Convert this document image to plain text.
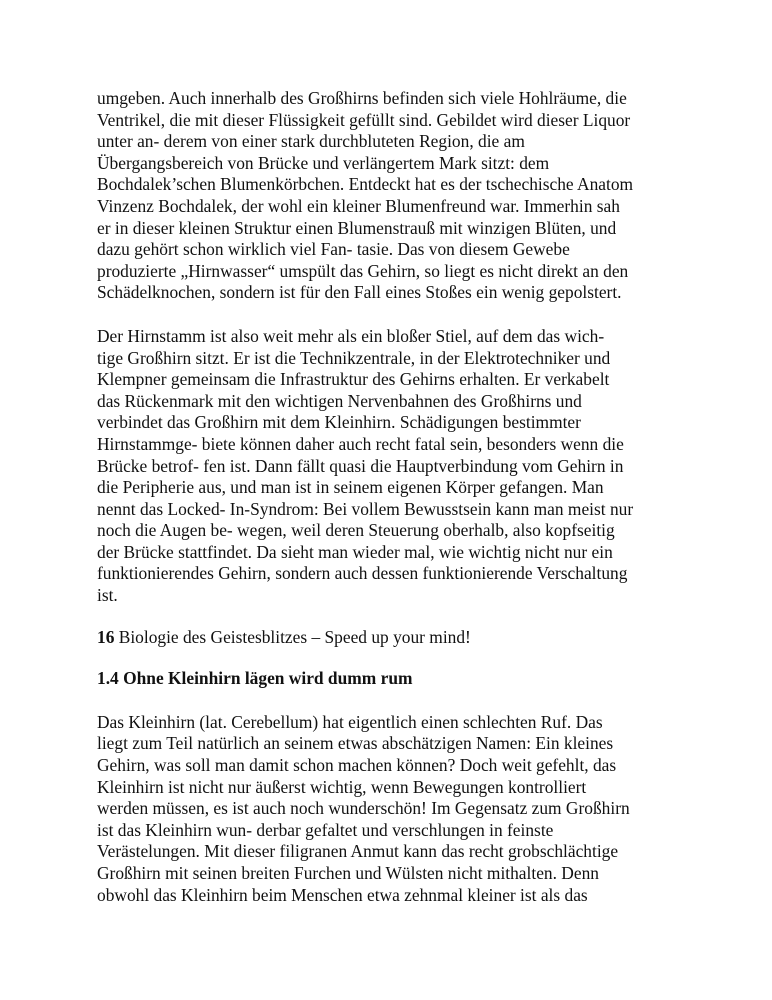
umgeben. Auch innerhalb des Großhirns befinden sich viele Hohlräume, die
Ventrikel, die mit dieser Flüssigkeit gefüllt sind. Gebildet wird dieser Liquor
unter an- derem von einer stark durchbluteten Region, die am
Übergangsbereich von Brücke und verlängertem Mark sitzt: dem
Bochdalek’schen Blumenkörbchen. Entdeckt hat es der tschechische Anatom
Vinzenz Bochdalek, der wohl ein kleiner Blumenfreund war. Immerhin sah
er in dieser kleinen Struktur einen Blumenstrauß mit winzigen Blüten, und
dazu gehört schon wirklich viel Fan- tasie. Das von diesem Gewebe
produzierte „Hirnwasser“ umspült das Gehirn, so liegt es nicht direkt an den
Schädelknochen, sondern ist für den Fall eines Stoßes ein wenig gepolstert.
Der Hirnstamm ist also weit mehr als ein bloßer Stiel, auf dem das wich-
tige Großhirn sitzt. Er ist die Technikzentrale, in der Elektrotechniker und
Klempner gemeinsam die Infrastruktur des Gehirns erhalten. Er verkabelt
das Rückenmark mit den wichtigen Nervenbahnen des Großhirns und
verbindet das Großhirn mit dem Kleinhirn. Schädigungen bestimmter
Hirnstammge- biete können daher auch recht fatal sein, besonders wenn die
Brücke betrof- fen ist. Dann fällt quasi die Hauptverbindung vom Gehirn in
die Peripherie aus, und man ist in seinem eigenen Körper gefangen. Man
nennt das Locked- In-Syndrom: Bei vollem Bewusstsein kann man meist nur
noch die Augen be- wegen, weil deren Steuerung oberhalb, also kopfseitig
der Brücke stattfindet. Da sieht man wieder mal, wie wichtig nicht nur ein
funktionierendes Gehirn, sondern auch dessen funktionierende Verschaltung
ist.
16 Biologie des Geistesblitzes – Speed up your mind!
1.4 Ohne Kleinhirn lägen wird dumm rum
Das Kleinhirn (lat. Cerebellum) hat eigentlich einen schlechten Ruf. Das
liegt zum Teil natürlich an seinem etwas abschätzigen Namen: Ein kleines
Gehirn, was soll man damit schon machen können? Doch weit gefehlt, das
Kleinhirn ist nicht nur äußerst wichtig, wenn Bewegungen kontrolliert
werden müssen, es ist auch noch wunderschön! Im Gegensatz zum Großhirn
ist das Kleinhirn wun- derbar gefaltet und verschlungen in feinste
Verästelungen. Mit dieser filigranen Anmut kann das recht grobschlächtige
Großhirn mit seinen breiten Furchen und Wülsten nicht mithalten. Denn
obwohl das Kleinhirn beim Menschen etwa zehnmal kleiner ist als das
